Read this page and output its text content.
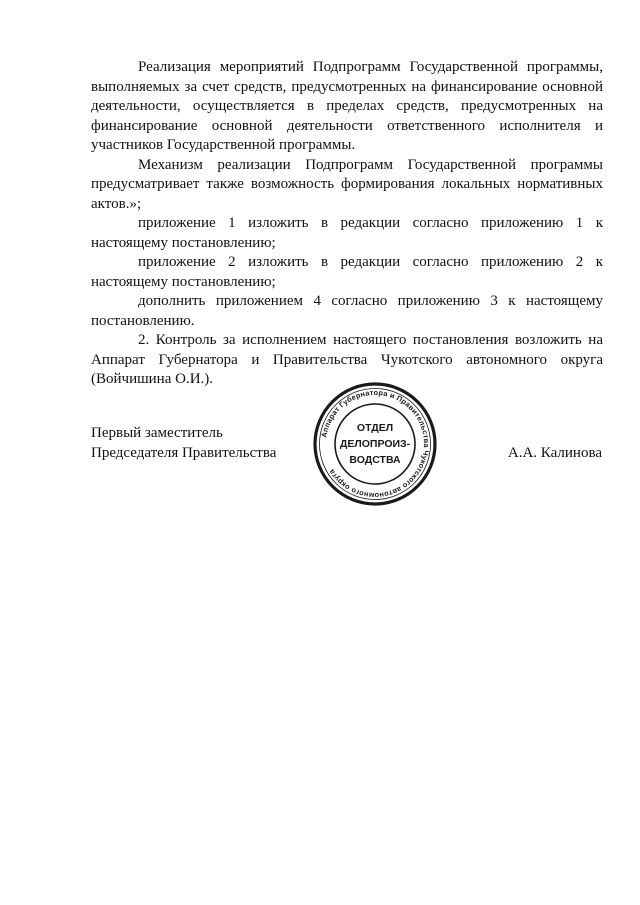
Реализация мероприятий Подпрограмм Государственной программы, выполняемых за счет средств, предусмотренных на финансирование основной деятельности, осуществляется в пределах средств, предусмотренных на финансирование основной деятельности ответственного исполнителя и участников Государственной программы.

Механизм реализации Подпрограмм Государственной программы предусматривает также возможность формирования локальных нормативных актов.»;

приложение 1 изложить в редакции согласно приложению 1 к настоящему постановлению;

приложение 2 изложить в редакции согласно приложению 2 к настоящему постановлению;

дополнить приложением 4 согласно приложению 3 к настоящему постановлению.

2. Контроль за исполнением настоящего постановления возложить на Аппарат Губернатора и Правительства Чукотского автономного округа (Войчишина О.И.).

Первый заместитель
Председателя Правительства
Аппарат Губернатора и Правительства Чукотского автономного округа
ОТДЕЛ
ДЕЛОПРОИЗ-
ВОДСТВА	А.А. Калинова
